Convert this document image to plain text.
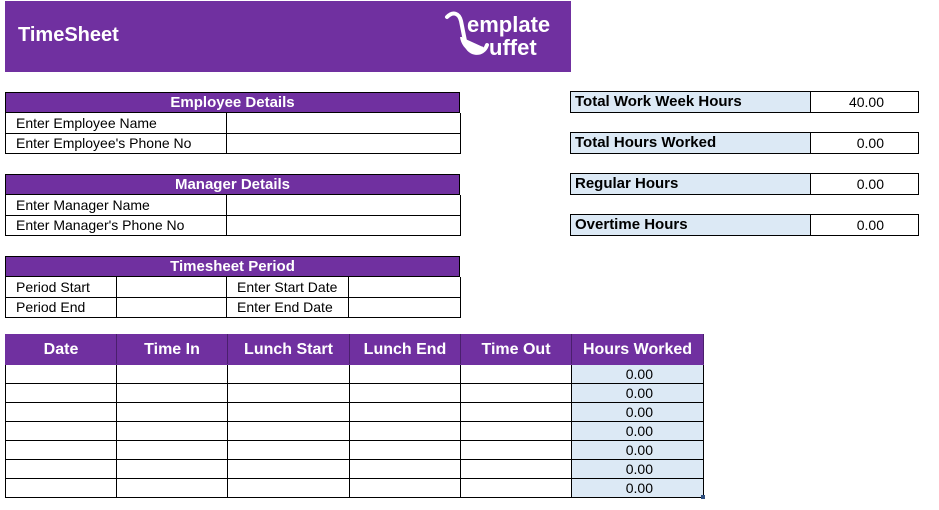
TimeSheet	emplate
uffet
Employee Details
Enter Employee Name	
Enter Employee's Phone No	
Manager Details
Enter Manager Name	
Enter Manager's Phone No	
Timesheet Period
Period Start		Enter Start Date	
Period End		Enter End Date	
Total Work Week Hours	40.00
Total Hours Worked	0.00
Regular Hours	0.00
Overtime Hours	0.00
Date	Time In	Lunch Start	Lunch End	Time Out	Hours Worked
					0.00
					0.00
					0.00
					0.00
					0.00
					0.00
					0.00
